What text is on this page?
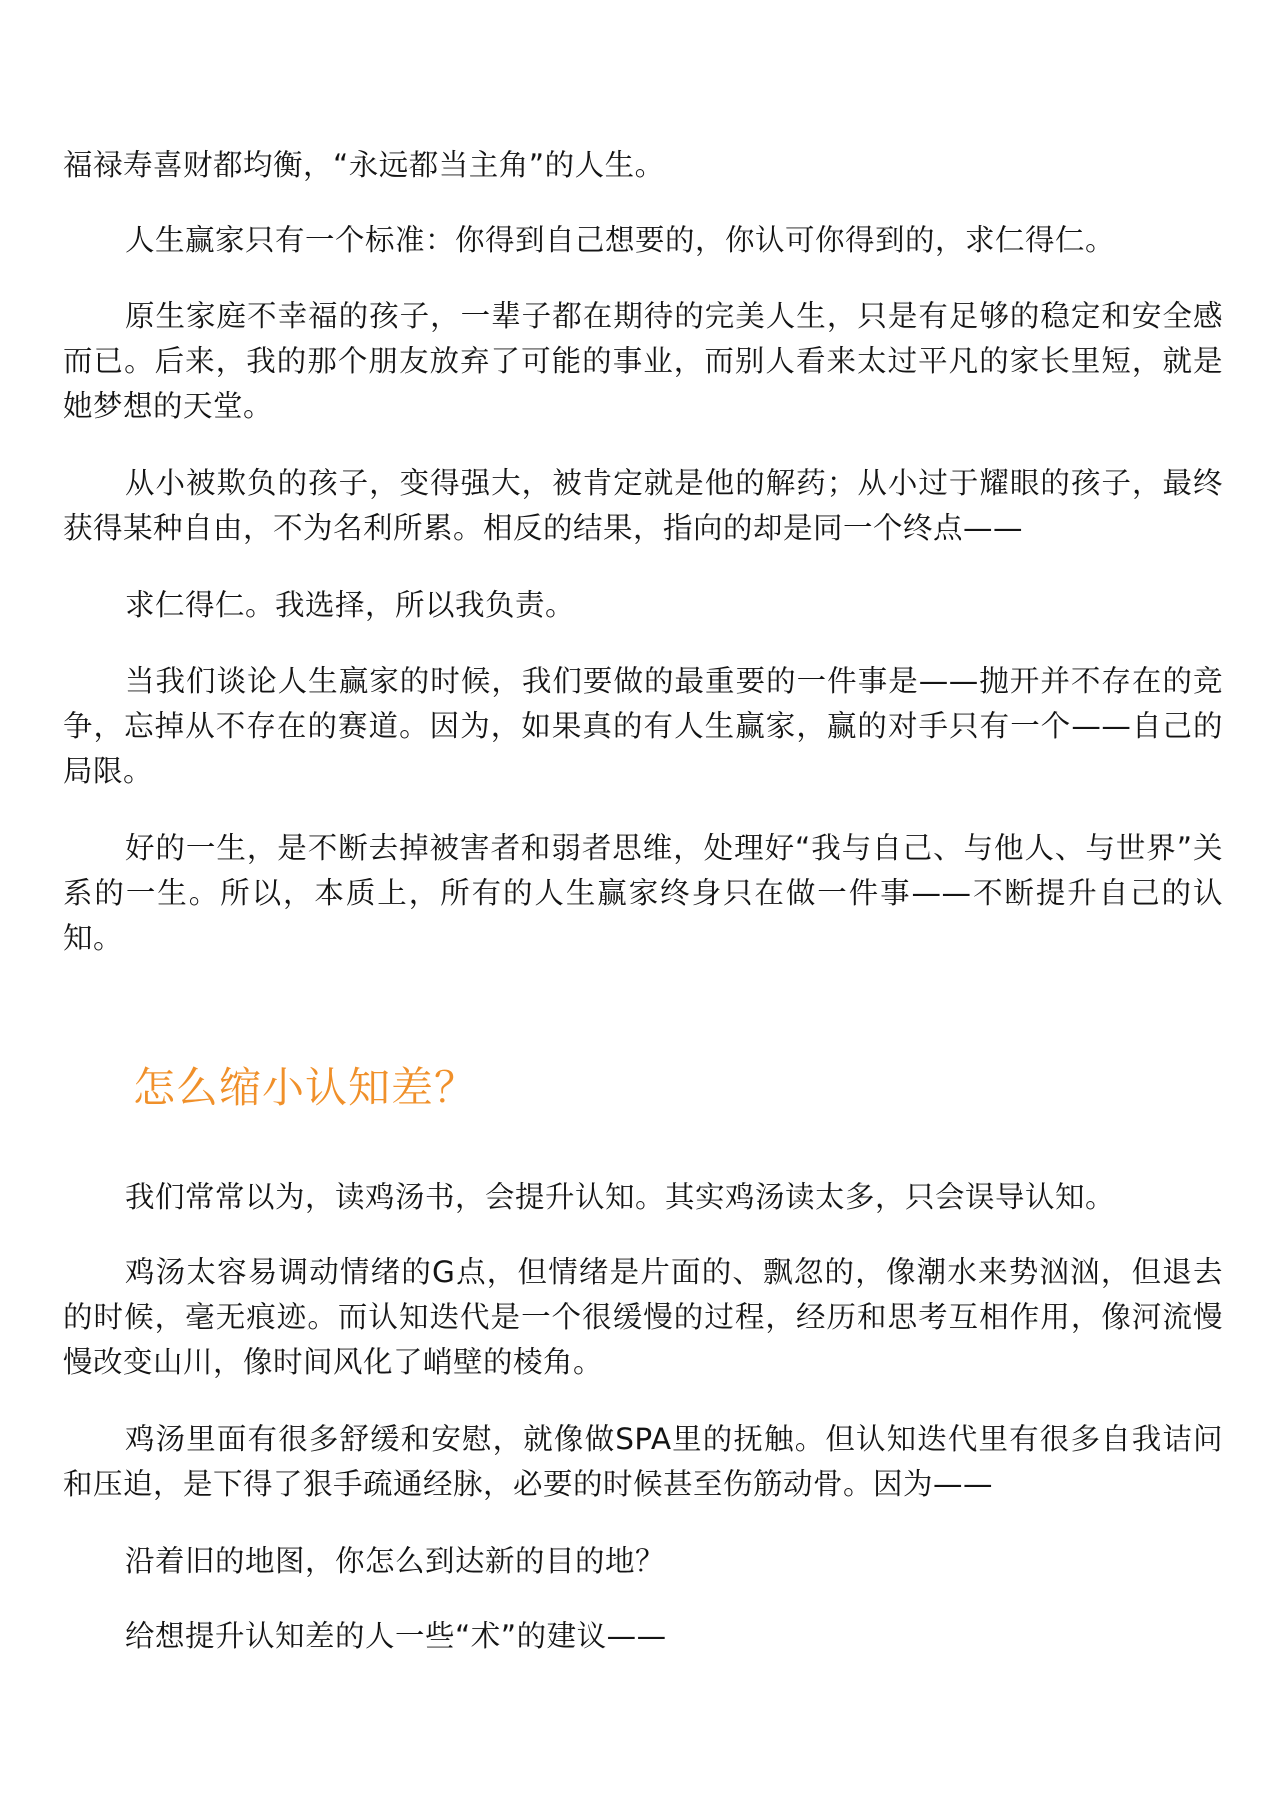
福禄寿喜财都均衡，“永远都当主角”的人生。

人生赢家只有一个标准：你得到自己想要的，你认可你得到的，求仁得仁。

原生家庭不幸福的孩子，一辈子都在期待的完美人生，只是有足够的稳定和安全感而已。后来，我的那个朋友放弃了可能的事业，而别人看来太过平凡的家长里短，就是她梦想的天堂。

从小被欺负的孩子，变得强大，被肯定就是他的解药；从小过于耀眼的孩子，最终获得某种自由，不为名利所累。相反的结果，指向的却是同一个终点——

求仁得仁。我选择，所以我负责。

当我们谈论人生赢家的时候，我们要做的最重要的一件事是——抛开并不存在的竞争，忘掉从不存在的赛道。因为，如果真的有人生赢家，赢的对手只有一个——自己的局限。

好的一生，是不断去掉被害者和弱者思维，处理好“我与自己、与他人、与世界”关系的一生。所以，本质上，所有的人生赢家终身只在做一件事——不断提升自己的认知。

怎么缩小认知差？

我们常常以为，读鸡汤书，会提升认知。其实鸡汤读太多，只会误导认知。

鸡汤太容易调动情绪的G点，但情绪是片面的、飘忽的，像潮水来势汹汹，但退去的时候，毫无痕迹。而认知迭代是一个很缓慢的过程，经历和思考互相作用，像河流慢慢改变山川，像时间风化了峭壁的棱角。

鸡汤里面有很多舒缓和安慰，就像做SPA里的抚触。但认知迭代里有很多自我诘问和压迫，是下得了狠手疏通经脉，必要的时候甚至伤筋动骨。因为——

沿着旧的地图，你怎么到达新的目的地？

给想提升认知差的人一些“术”的建议——
